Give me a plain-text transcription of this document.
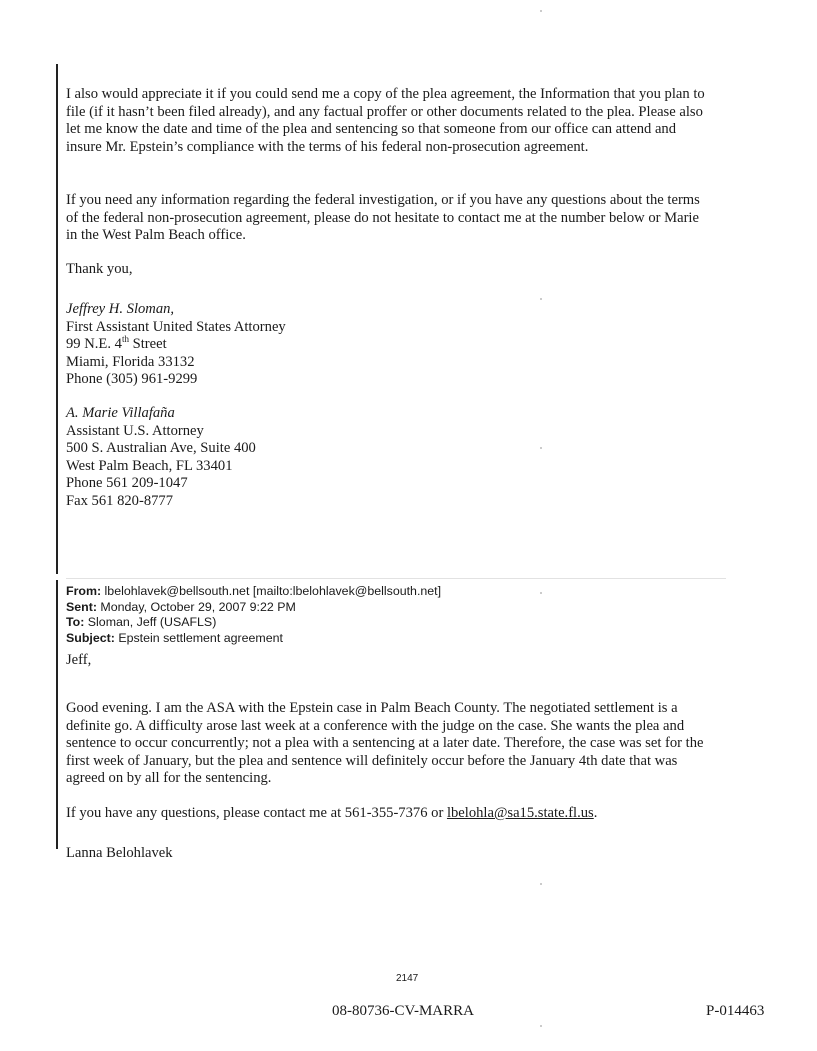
I also would appreciate it if you could send me a copy of the plea agreement, the Information that you plan to file (if it hasn’t been filed already), and any factual proffer or other documents related to the plea. Please also let me know the date and time of the plea and sentencing so that someone from our office can attend and insure Mr. Epstein’s compliance with the terms of his federal non-prosecution agreement.

If you need any information regarding the federal investigation, or if you have any questions about the terms of the federal non-prosecution agreement, please do not hesitate to contact me at the number below or Marie in the West Palm Beach office.

Thank you,

Jeffrey H. Sloman,

First Assistant United States Attorney

99 N.E. 4th Street

Miami, Florida 33132

Phone (305) 961-9299

A. Marie Villafaña

Assistant U.S. Attorney

500 S. Australian Ave, Suite 400

West Palm Beach, FL 33401

Phone 561 209-1047

Fax 561 820-8777

From: lbelohlavek@bellsouth.net [mailto:lbelohlavek@bellsouth.net]
Sent: Monday, October 29, 2007 9:22 PM
To: Sloman, Jeff (USAFLS)
Subject: Epstein settlement agreement

Jeff,

Good evening. I am the ASA with the Epstein case in Palm Beach County. The negotiated settlement is a definite go. A difficulty arose last week at a conference with the judge on the case. She wants the plea and sentence to occur concurrently; not a plea with a sentencing at a later date. Therefore, the case was set for the first week of January, but the plea and sentence will definitely occur before the January 4th date that was agreed on by all for the sentencing.

If you have any questions, please contact me at 561-355-7376 or lbelohla@sa15.state.fl.us.

Lanna Belohlavek

2147
08-80736-CV-MARRA	P-014463
